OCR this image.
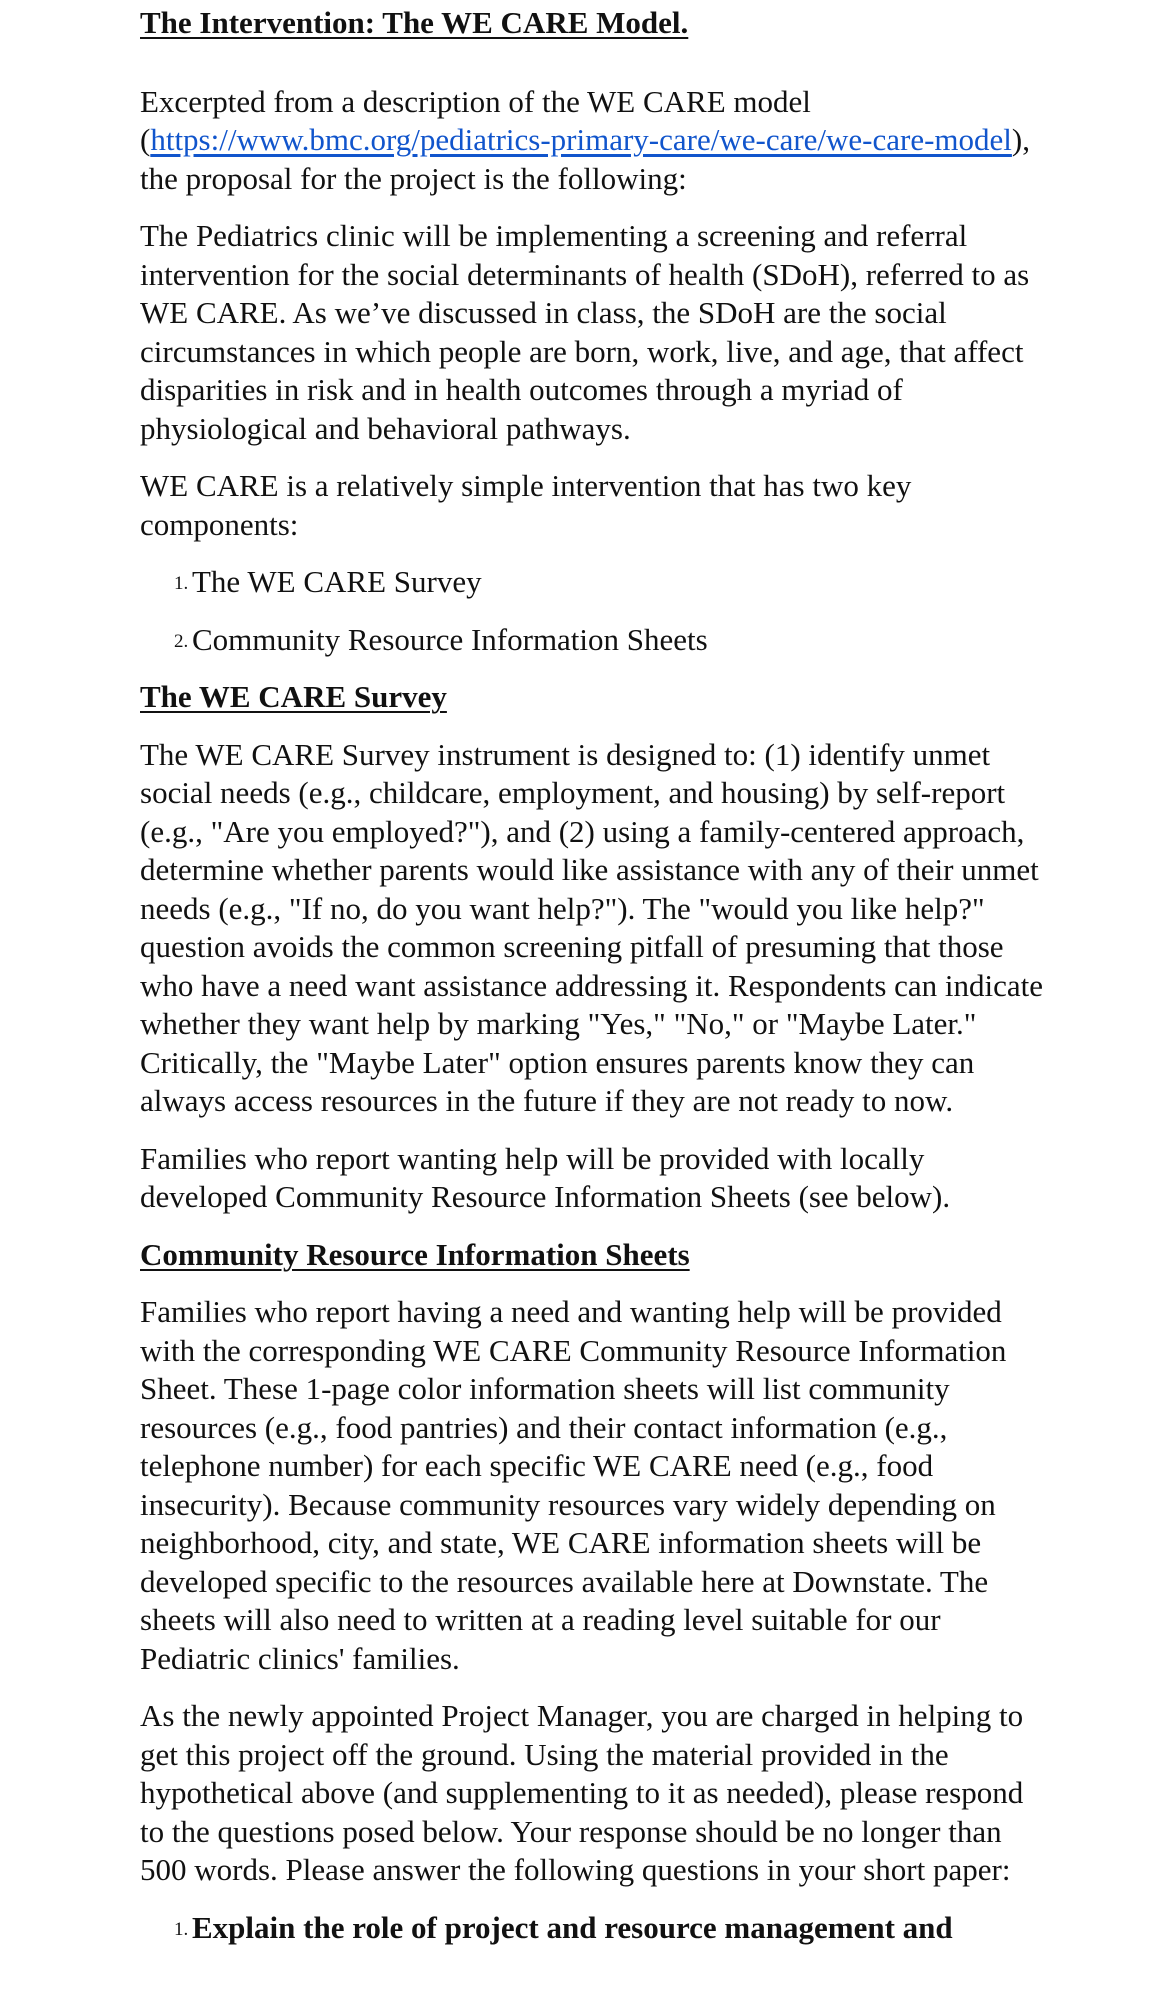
The Intervention: The WE CARE Model.

Excerpted from a description of the WE CARE model (https://www.bmc.org/pediatrics-primary-care/we-care/we-care-model), the proposal for the project is the following:

The Pediatrics clinic will be implementing a screening and referral intervention for the social determinants of health (SDoH), referred to as WE CARE. As we’ve discussed in class, the SDoH are the social circumstances in which people are born, work, live, and age, that affect disparities in risk and in health outcomes through a myriad of physiological and behavioral pathways.

WE CARE is a relatively simple intervention that has two key components:

1. The WE CARE Survey
2. Community Resource Information Sheets
The WE CARE Survey

The WE CARE Survey instrument is designed to: (1) identify unmet social needs (e.g., childcare, employment, and housing) by self-report (e.g., "Are you employed?"), and (2) using a family-centered approach, determine whether parents would like assistance with any of their unmet needs (e.g., "If no, do you want help?"). The "would you like help?" question avoids the common screening pitfall of presuming that those who have a need want assistance addressing it. Respondents can indicate whether they want help by marking "Yes," "No," or "Maybe Later." Critically, the "Maybe Later" option ensures parents know they can always access resources in the future if they are not ready to now.

Families who report wanting help will be provided with locally developed Community Resource Information Sheets (see below).

Community Resource Information Sheets

Families who report having a need and wanting help will be provided with the corresponding WE CARE Community Resource Information Sheet. These 1-page color information sheets will list community resources (e.g., food pantries) and their contact information (e.g., telephone number) for each specific WE CARE need (e.g., food insecurity). Because community resources vary widely depending on neighborhood, city, and state, WE CARE information sheets will be developed specific to the resources available here at Downstate. The sheets will also need to written at a reading level suitable for our Pediatric clinics' families.

As the newly appointed Project Manager, you are charged in helping to get this project off the ground. Using the material provided in the hypothetical above (and supplementing to it as needed), please respond to the questions posed below. Your response should be no longer than 500 words. Please answer the following questions in your short paper:

1. Explain the role of project and resource management and
